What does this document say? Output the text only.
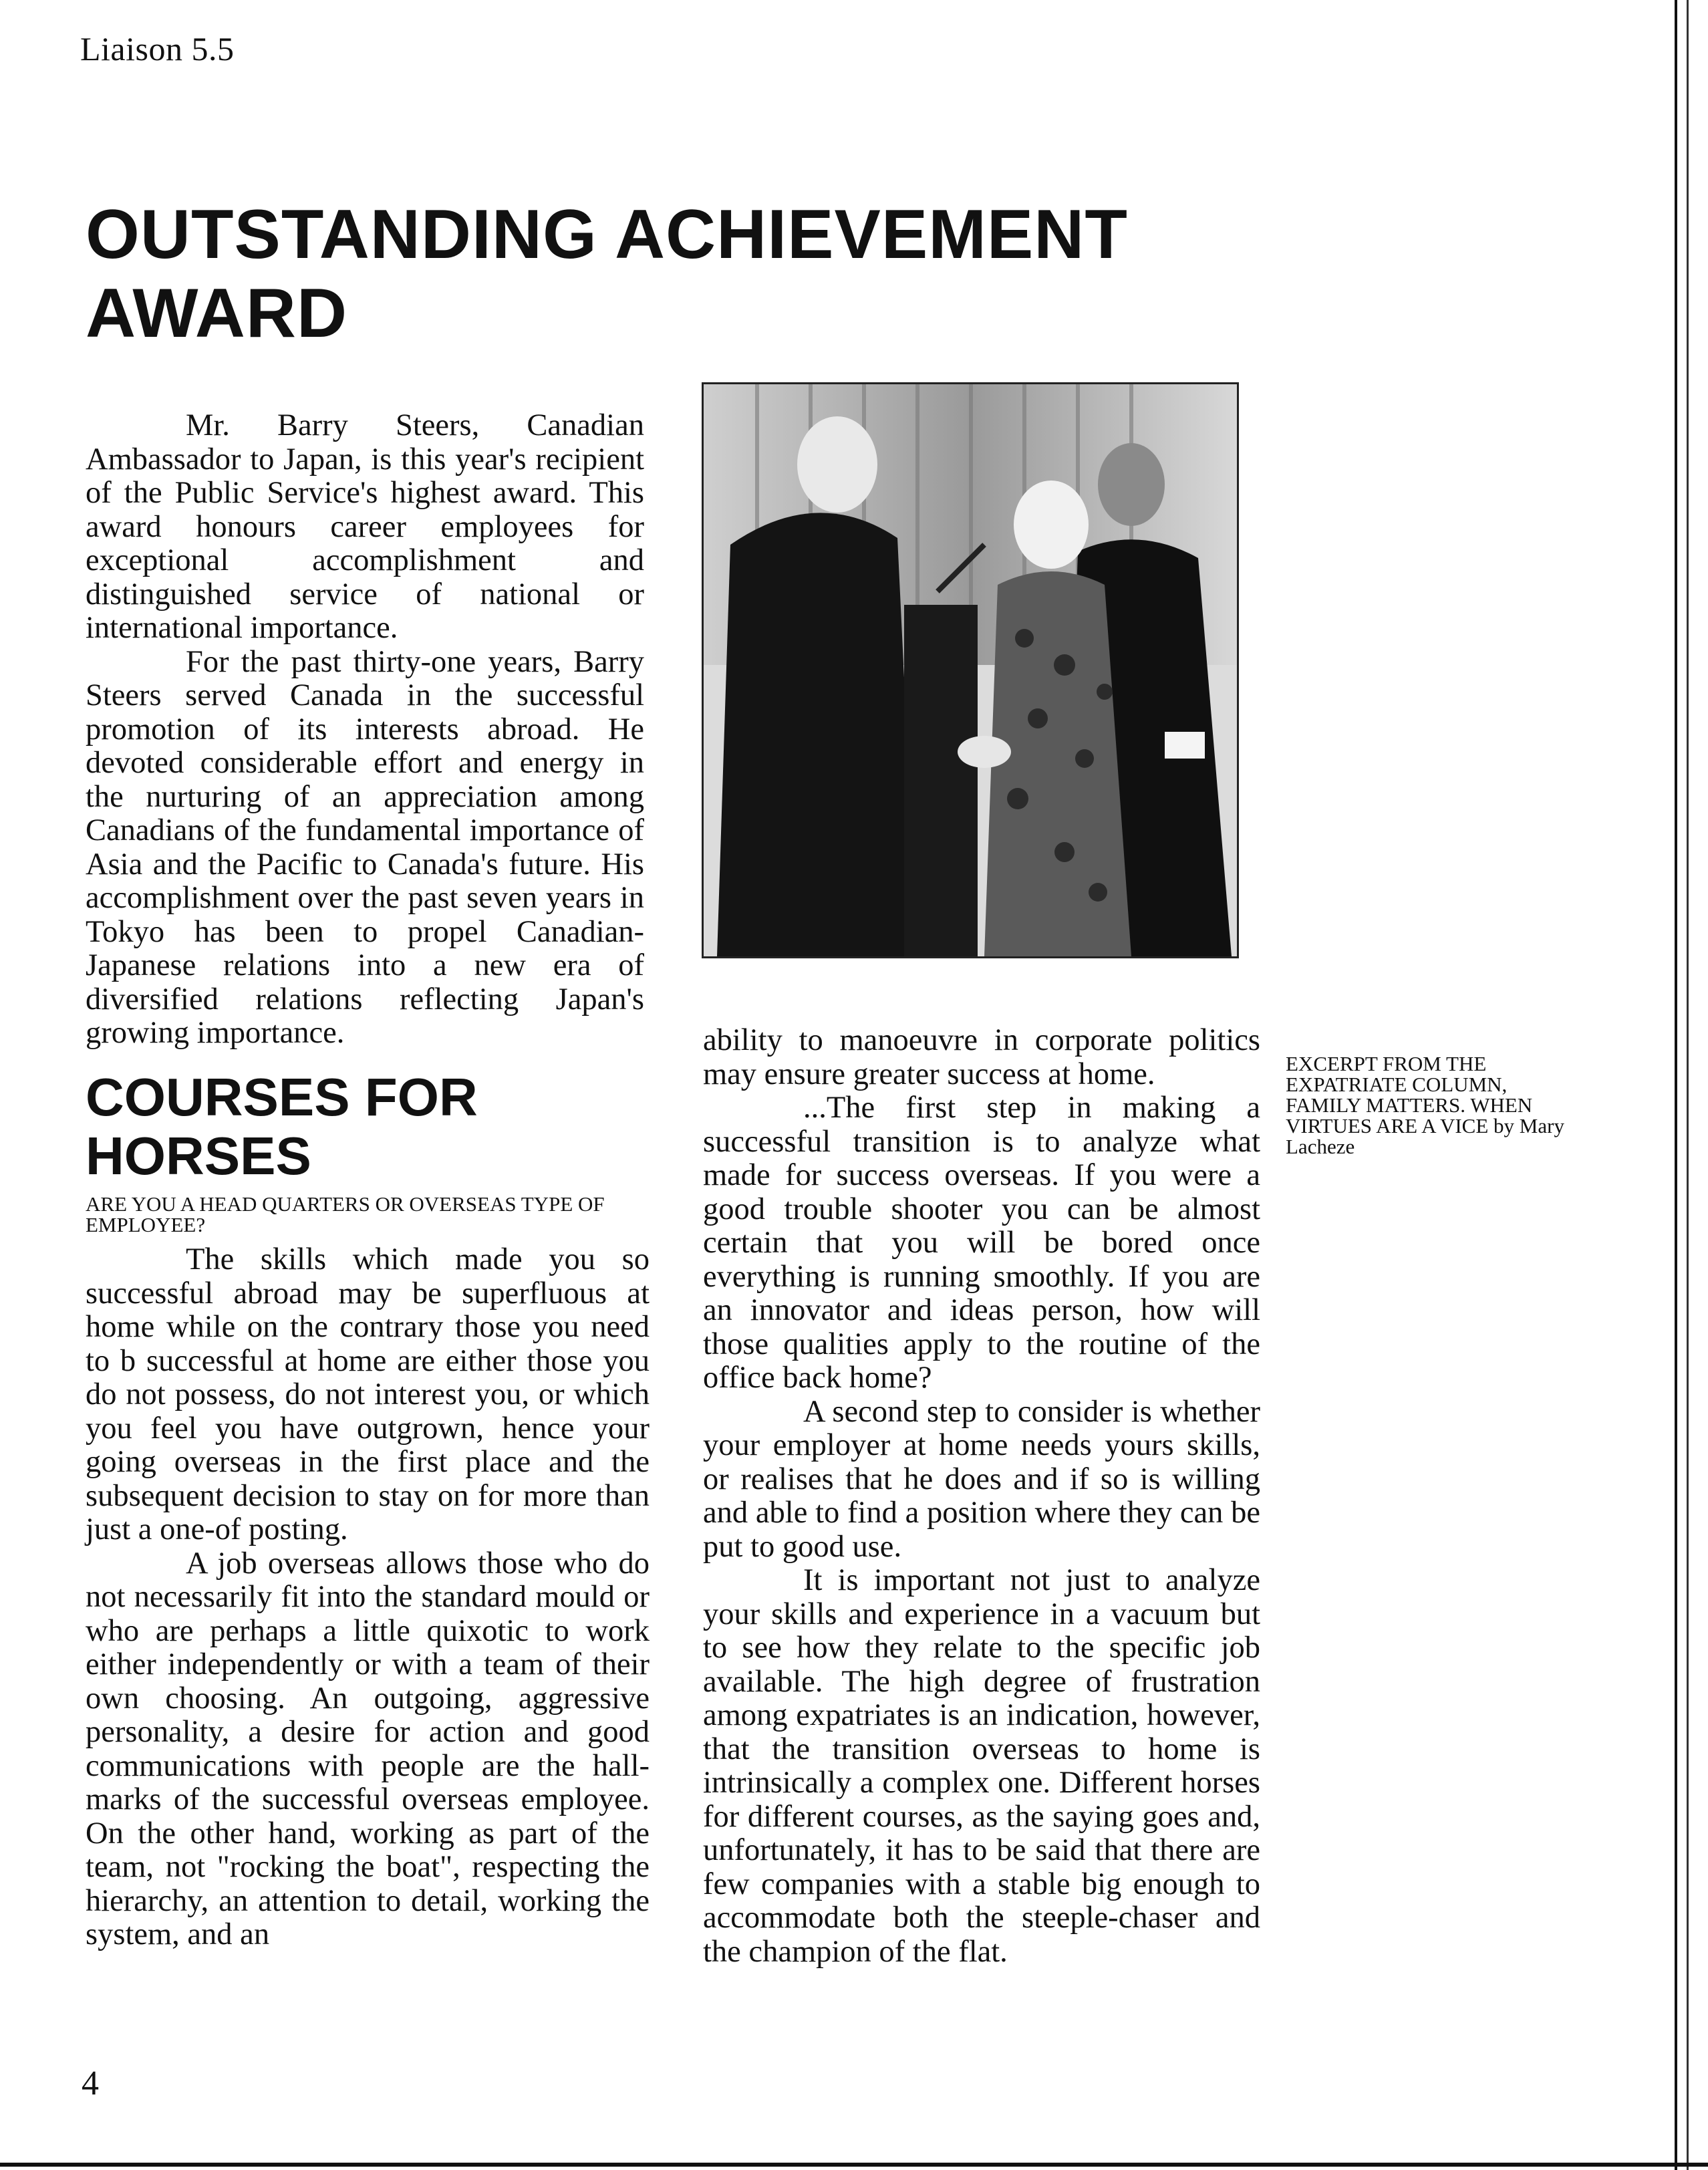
Liaison 5.5
OUTSTANDING ACHIEVEMENT AWARD

Mr. Barry Steers, Canadian Ambassador to Japan, is this year's recipient of the Public Service's highest award. This award honours career employees for exceptional accomplishment and distinguished service of national or international importance.

For the past thirty-one years, Barry Steers served Canada in the successful promotion of its interests abroad. He devoted considerable effort and energy in the nurturing of an appreciation among Canadians of the fundamental importance of Asia and the Pacific to Canada's future. His accomplishment over the past seven years in Tokyo has been to propel Canadian-Japanese relations into a new era of diversified relations reflecting Japan's growing importance.

COURSES FOR HORSES
ARE YOU A HEAD QUARTERS OR OVERSEAS TYPE OF EMPLOYEE?

The skills which made you so successful abroad may be superfluous at home while on the contrary those you need to b successful at home are either those you do not possess, do not interest you, or which you feel you have outgrown, hence your going overseas in the first place and the subsequent decision to stay on for more than just a one-of posting.

A job overseas allows those who do not necessarily fit into the standard mould or who are perhaps a little quixotic to work either independently or with a team of their own choosing. An outgoing, aggressive personality, a desire for action and good communications with people are the hall-marks of the successful overseas employee. On the other hand, working as part of the team, not "rocking the boat", respecting the hierarchy, an attention to detail, working the system, and an

ability to manoeuvre in corporate politics may ensure greater success at home.

...The first step in making a successful transition is to analyze what made for success overseas. If you were a good trouble shooter you can be almost certain that you will be bored once everything is running smoothly. If you are an innovator and ideas person, how will those qualities apply to the routine of the office back home?

A second step to consider is whether your employer at home needs yours skills, or realises that he does and if so is willing and able to find a position where they can be put to good use.

It is important not just to analyze your skills and experience in a vacuum but to see how they relate to the specific job available. The high degree of frustration among expatriates is an indication, however, that the transition overseas to home is intrinsically a complex one. Different horses for different courses, as the saying goes and, unfortunately, it has to be said that there are few companies with a stable big enough to accommodate both the steeple-chaser and the champion of the flat.

EXCERPT FROM THE EXPATRIATE COLUMN, FAMILY MATTERS. WHEN VIRTUES ARE A VICE by Mary Lacheze
4
